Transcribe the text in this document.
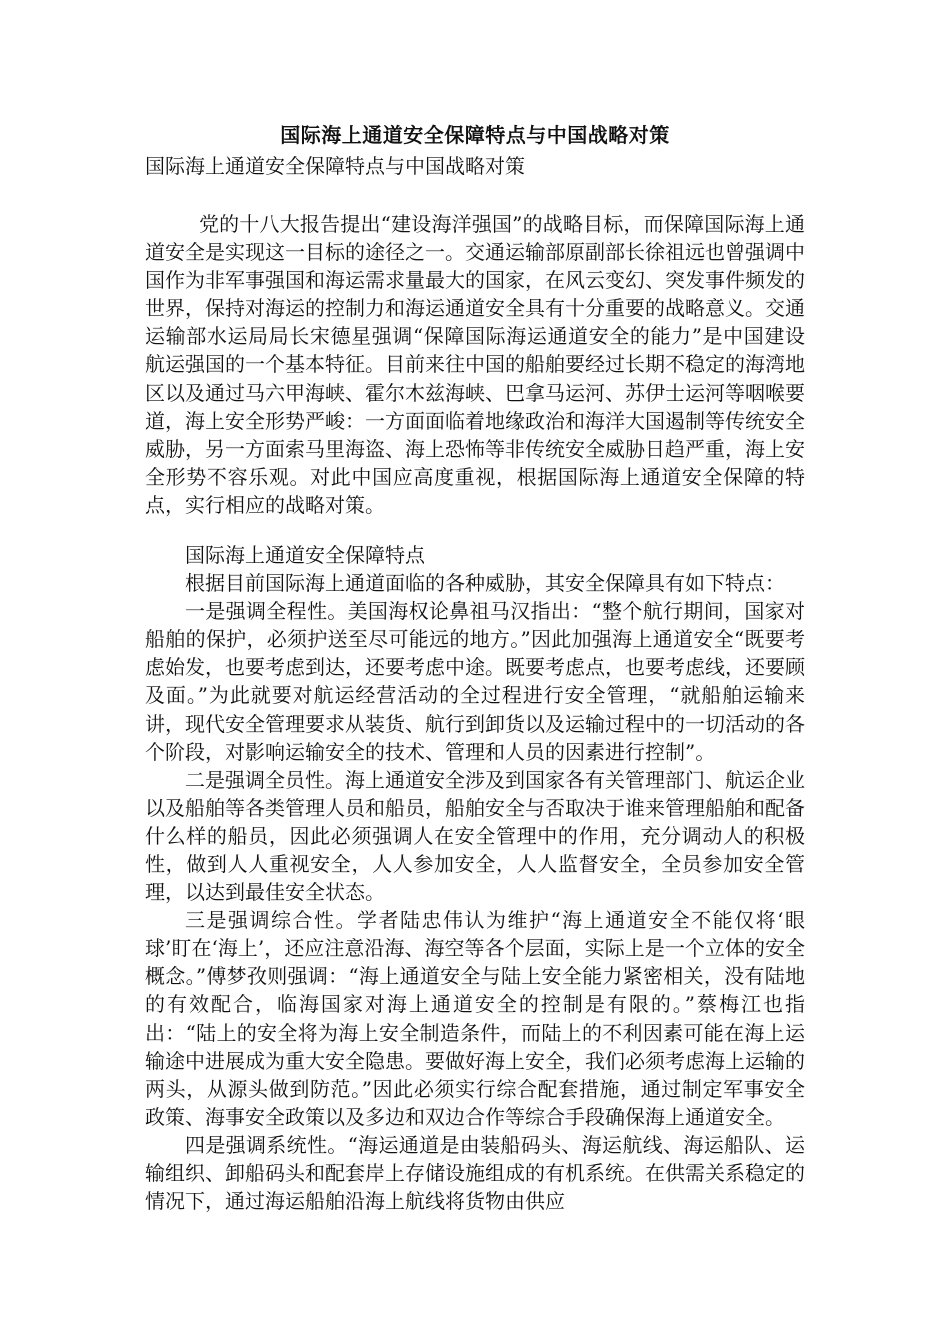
国际海上通道安全保障特点与中国战略对策

国际海上通道安全保障特点与中国战略对策

党的十八大报告提出“建设海洋强国”的战略目标，而保障国际海上通道安全是实现这一目标的途径之一。交通运输部原副部长徐祖远也曾强调中国作为非军事强国和海运需求量最大的国家，在风云变幻、突发事件频发的世界，保持对海运的控制力和海运通道安全具有十分重要的战略意义。交通运输部水运局局长宋德星强调“保障国际海运通道安全的能力”是中国建设航运强国的一个基本特征。目前来往中国的船舶要经过长期不稳定的海湾地区以及通过马六甲海峡、霍尔木兹海峡、巴拿马运河、苏伊士运河等咽喉要道，海上安全形势严峻：一方面面临着地缘政治和海洋大国遏制等传统安全威胁，另一方面索马里海盗、海上恐怖等非传统安全威胁日趋严重，海上安全形势不容乐观。对此中国应高度重视，根据国际海上通道安全保障的特点，实行相应的战略对策。

国际海上通道安全保障特点

根据目前国际海上通道面临的各种威胁，其安全保障具有如下特点：

一是强调全程性。美国海权论鼻祖马汉指出：“整个航行期间，国家对船舶的保护，必须护送至尽可能远的地方。”因此加强海上通道安全“既要考虑始发，也要考虑到达，还要考虑中途。既要考虑点，也要考虑线，还要顾及面。”为此就要对航运经营活动的全过程进行安全管理，“就船舶运输来讲，现代安全管理要求从装货、航行到卸货以及运输过程中的一切活动的各个阶段，对影响运输安全的技术、管理和人员的因素进行控制”。

二是强调全员性。海上通道安全涉及到国家各有关管理部门、航运企业以及船舶等各类管理人员和船员，船舶安全与否取决于谁来管理船舶和配备什么样的船员，因此必须强调人在安全管理中的作用，充分调动人的积极性，做到人人重视安全，人人参加安全，人人监督安全，全员参加安全管理，以达到最佳安全状态。

三是强调综合性。学者陆忠伟认为维护“海上通道安全不能仅将‘眼球’盯在‘海上’，还应注意沿海、海空等各个层面，实际上是一个立体的安全概念。”傅梦孜则强调：“海上通道安全与陆上安全能力紧密相关，没有陆地的有效配合，临海国家对海上通道安全的控制是有限的。”蔡梅江也指出：“陆上的安全将为海上安全制造条件，而陆上的不利因素可能在海上运输途中进展成为重大安全隐患。要做好海上安全，我们必须考虑海上运输的两头，从源头做到防范。”因此必须实行综合配套措施，通过制定军事安全政策、海事安全政策以及多边和双边合作等综合手段确保海上通道安全。

四是强调系统性。“海运通道是由装船码头、海运航线、海运船队、运输组织、卸船码头和配套岸上存储设施组成的有机系统。在供需关系稳定的情况下，通过海运船舶沿海上航线将货物由供应
